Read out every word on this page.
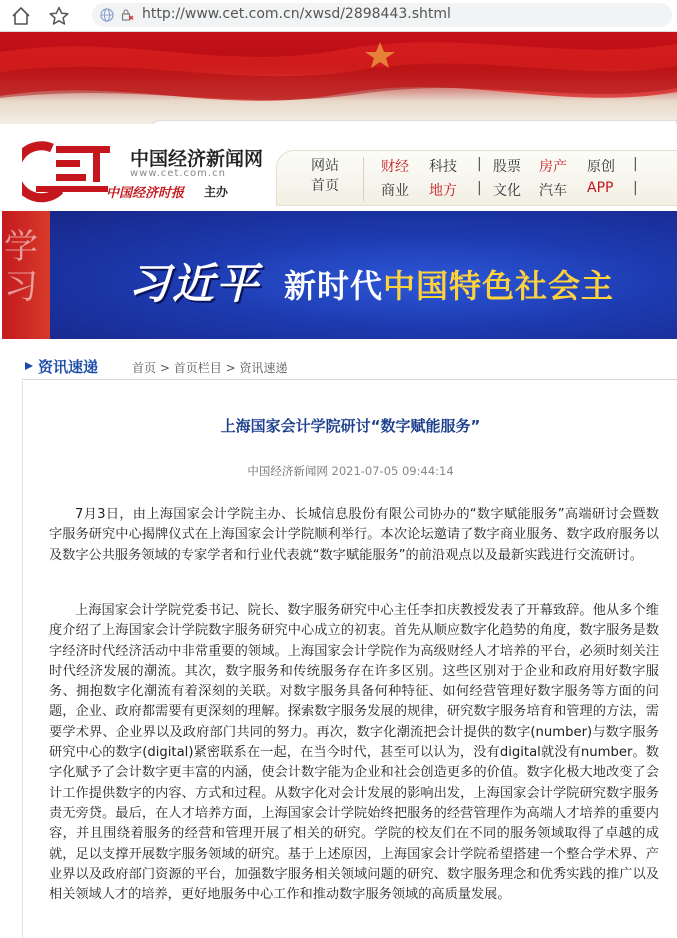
http://www.cet.com.cn/xwsd/2898443.shtml
中国经济新闻网
www.cet.com.cn
中国经济时报 主办
网站
首页
财经 科技 | 股票 房产 原创 |
商业 地方 | 文化 汽车 APP |
学习 习近平 新时代中国特色社会主
资讯速递	首页 > 首页栏目 > 资讯速递
上海国家会计学院研讨“数字赋能服务”
中国经济新闻网 2021-07-05 09:44:14

7月3日，由上海国家会计学院主办、长城信息股份有限公司协办的“数字赋能服务”高端研讨会暨数字服务研究中心揭牌仪式在上海国家会计学院顺利举行。本次论坛邀请了数字商业服务、数字政府服务以及数字公共服务领域的专家学者和行业代表就“数字赋能服务”的前沿观点以及最新实践进行交流研讨。

上海国家会计学院党委书记、院长、数字服务研究中心主任李扣庆教授发表了开幕致辞。他从多个维度介绍了上海国家会计学院数字服务研究中心成立的初衷。首先从顺应数字化趋势的角度，数字服务是数字经济时代经济活动中非常重要的领域。上海国家会计学院作为高级财经人才培养的平台，必须时刻关注时代经济发展的潮流。其次，数字服务和传统服务存在许多区别。这些区别对于企业和政府用好数字服务、拥抱数字化潮流有着深刻的关联。对数字服务具备何种特征、如何经营管理好数字服务等方面的问题，企业、政府都需要有更深刻的理解。探索数字服务发展的规律，研究数字服务培育和管理的方法，需要学术界、企业界以及政府部门共同的努力。再次，数字化潮流把会计提供的数字(number)与数字服务研究中心的数字(digital)紧密联系在一起，在当今时代，甚至可以认为，没有digital就没有number。数字化赋予了会计数字更丰富的内涵，使会计数字能为企业和社会创造更多的价值。数字化极大地改变了会计工作提供数字的内容、方式和过程。从数字化对会计发展的影响出发，上海国家会计学院研究数字服务责无旁贷。最后，在人才培养方面，上海国家会计学院始终把服务的经营管理作为高端人才培养的重要内容，并且围绕着服务的经营和管理开展了相关的研究。学院的校友们在不同的服务领域取得了卓越的成就，足以支撑开展数字服务领域的研究。基于上述原因，上海国家会计学院希望搭建一个整合学术界、产业界以及政府部门资源的平台，加强数字服务相关领域问题的研究、数字服务理念和优秀实践的推广以及相关领域人才的培养，更好地服务中心工作和推动数字服务领域的高质量发展。
